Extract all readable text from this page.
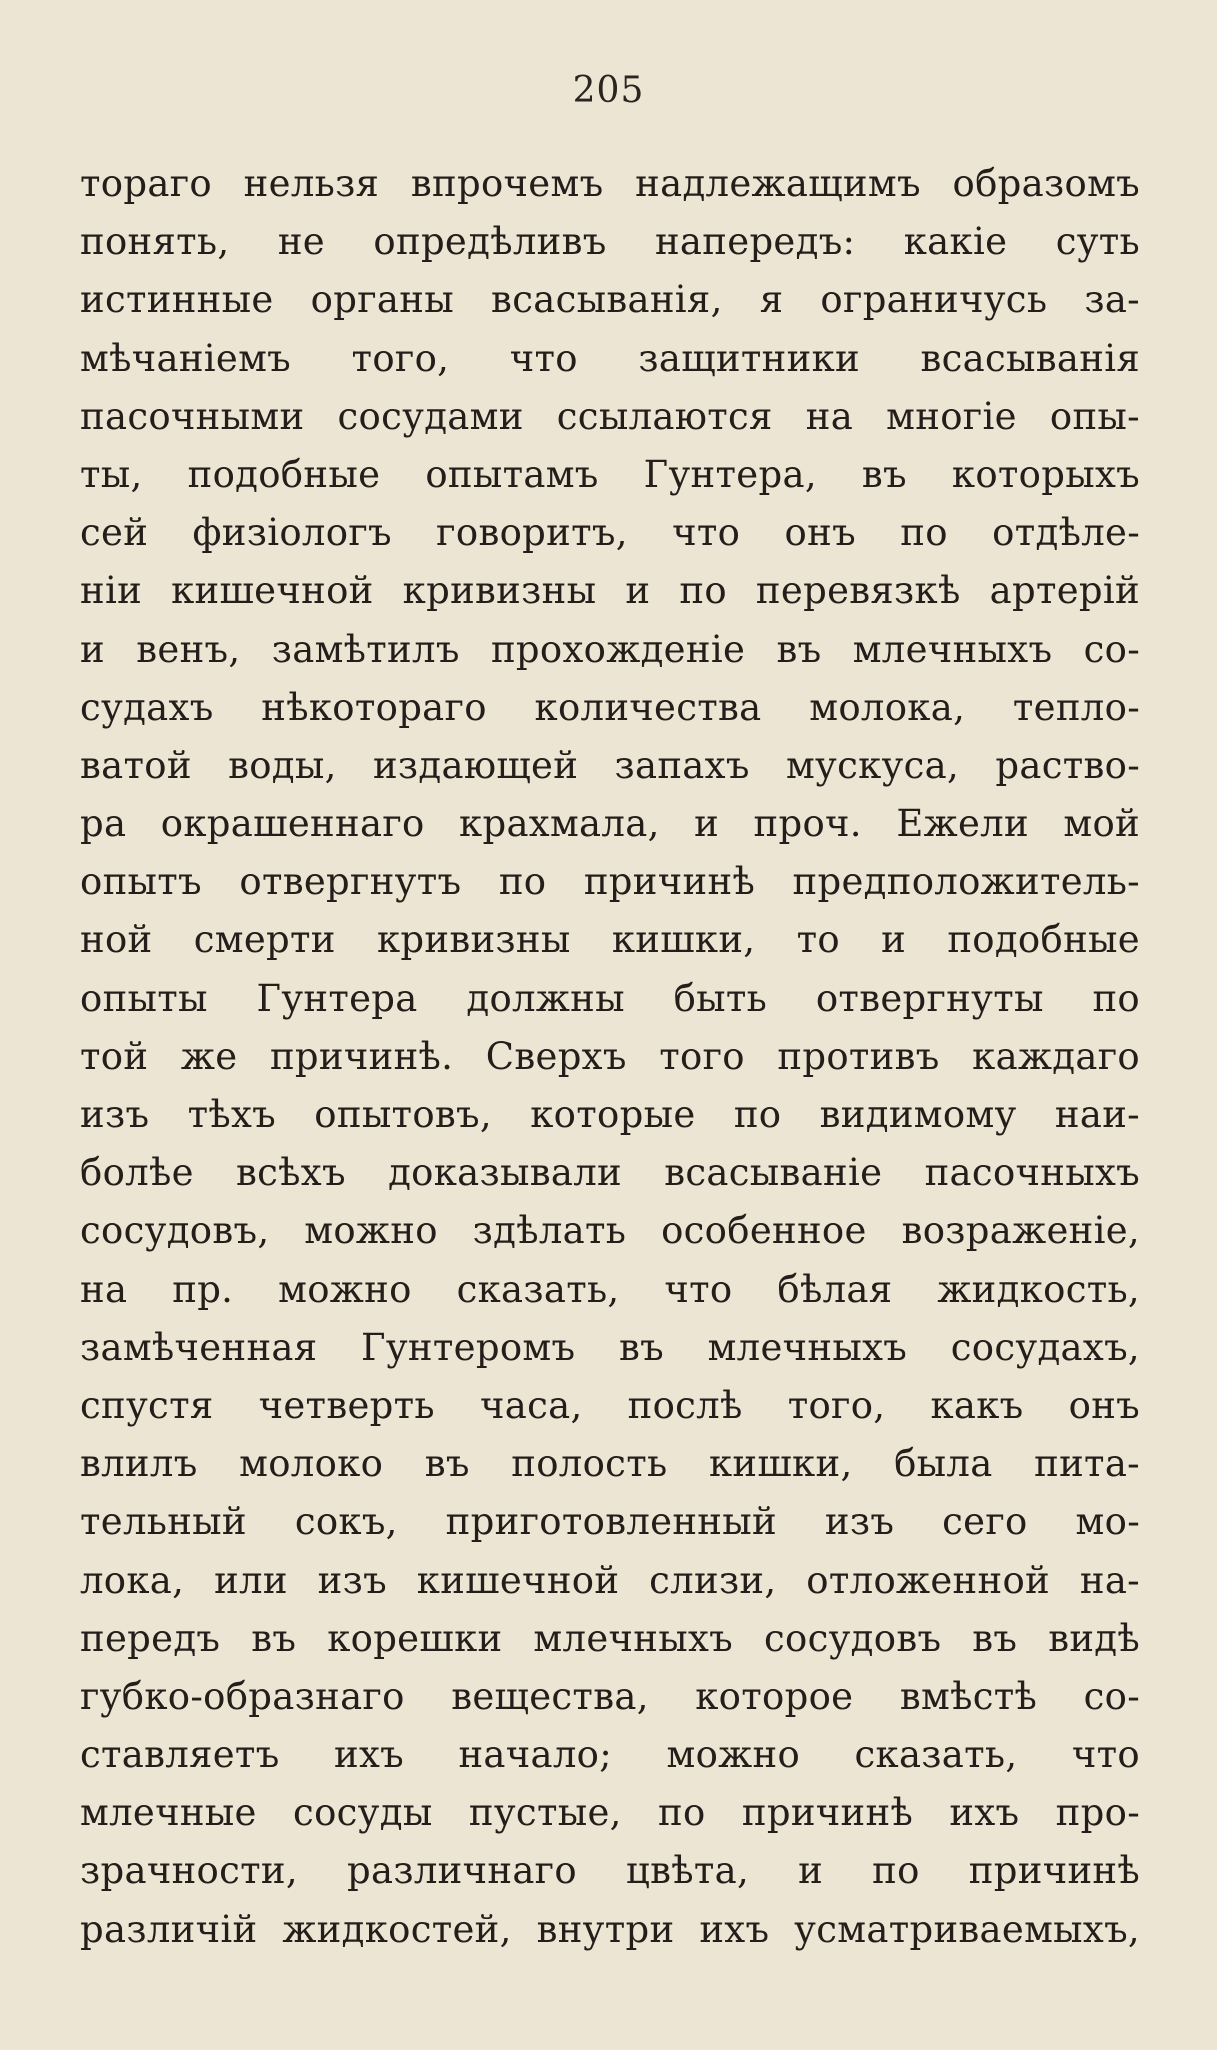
205
тораго нельзя впрочемъ надлежащимъ образомъ
понять, не опредѣливъ напередъ: какіе суть
истинные органы всасыванія, я ограничусь за-
мѣчаніемъ того, что защитники всасыванія
пасочными сосудами ссылаются на многіе опы-
ты, подобные опытамъ Гунтера, въ которыхъ
сей физіологъ говоритъ, что онъ по отдѣле-
ніи кишечной кривизны и по перевязкѣ артерій
и венъ, замѣтилъ прохожденіе въ млечныхъ со-
судахъ нѣкотораго количества молока, тепло-
ватой воды, издающей запахъ мускуса, раство-
ра окрашеннаго крахмала, и проч. Ежели мой
опытъ отвергнутъ по причинѣ предположитель-
ной смерти кривизны кишки, то и подобные
опыты Гунтера должны быть отвергнуты по
той же причинѣ. Сверхъ того противъ каждаго
изъ тѣхъ опытовъ, которые по видимому наи-
болѣе всѣхъ доказывали всасываніе пасочныхъ
сосудовъ, можно здѣлать особенное возраженіе,
на пр. можно сказать, что бѣлая жидкость,
замѣченная Гунтеромъ въ млечныхъ сосудахъ,
спустя четверть часа, послѣ того, какъ онъ
влилъ молоко въ полость кишки, была пита-
тельный сокъ, приготовленный изъ сего мо-
лока, или изъ кишечной слизи, отложенной на-
передъ въ корешки млечныхъ сосудовъ въ видѣ
губко-образнаго вещества, которое вмѣстѣ со-
ставляетъ ихъ начало; можно сказать, что
млечные сосуды пустые, по причинѣ ихъ про-
зрачности, различнаго цвѣта, и по причинѣ
различій жидкостей, внутри ихъ усматриваемыхъ,
